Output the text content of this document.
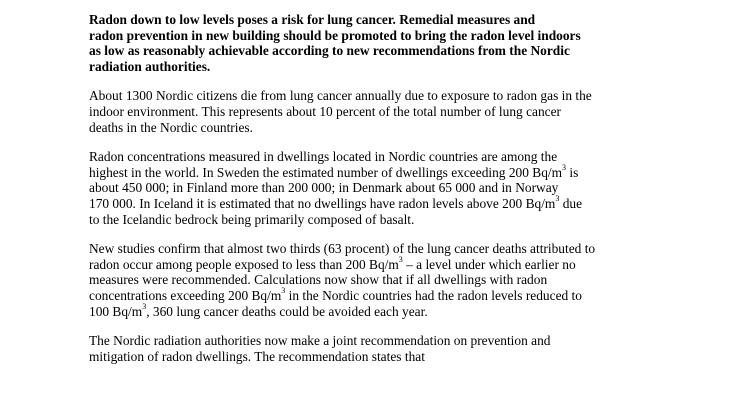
Radon down to low levels poses a risk for lung cancer. Remedial measures and
radon prevention in new building should be promoted to bring the radon level indoors
as low as reasonably achievable according to new recommendations from the Nordic
radiation authorities.
About 1300 Nordic citizens die from lung cancer annually due to exposure to radon gas in the
indoor environment. This represents about 10 percent of the total number of lung cancer
deaths in the Nordic countries.
Radon concentrations measured in dwellings located in Nordic countries are among the
highest in the world. In Sweden the estimated number of dwellings exceeding 200 $Bq/m^3$ is
about 450 000; in Finland more than 200 000; in Denmark about 65 000 and in Norway
170 000. In Iceland it is estimated that no dwellings have radon levels above 200 $Bq/m^3$ due
to the Icelandic bedrock being primarily composed of basalt.
New studies confirm that almost two thirds (63 procent) of the lung cancer deaths attributed to
radon occur among people exposed to less than 200 $Bq/m^3$ – a level under which earlier no
measures were recommended. Calculations now show that if all dwellings with radon
concentrations exceeding 200 $Bq/m^3$ in the Nordic countries had the radon levels reduced to
100 $Bq/m^3$, 360 lung cancer deaths could be avoided each year.
The Nordic radiation authorities now make a joint recommendation on prevention and
mitigation of radon dwellings. The recommendation states that
